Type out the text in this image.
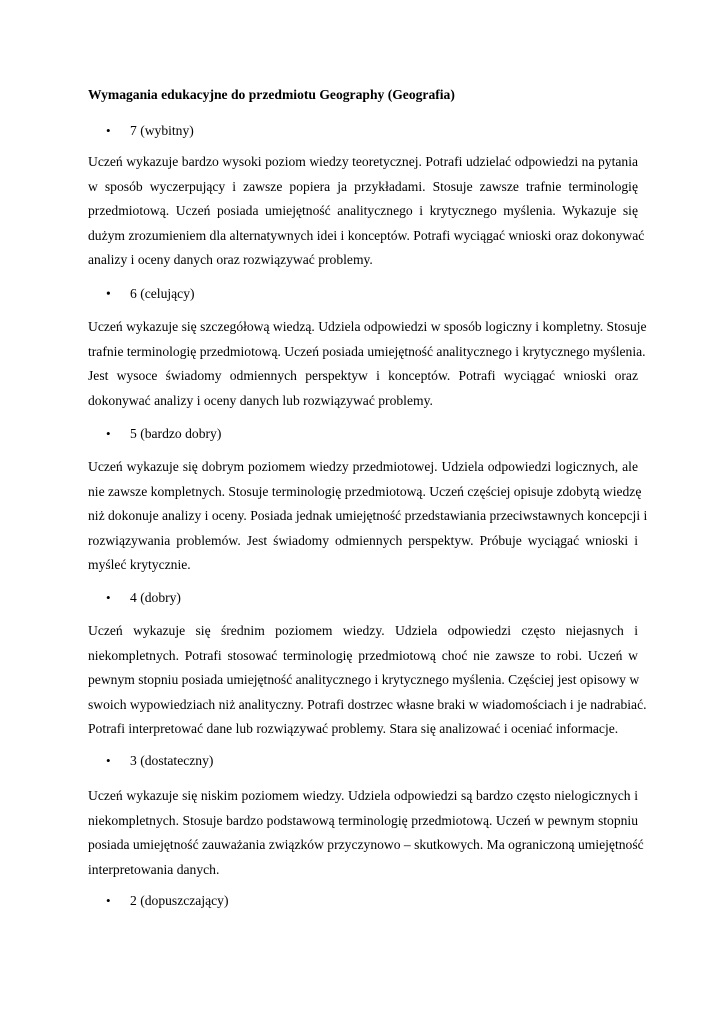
Wymagania edukacyjne do przedmiotu Geography (Geografia)
• 7 (wybitny)
Uczeń wykazuje bardzo wysoki poziom wiedzy teoretycznej. Potrafi udzielać odpowiedzi na pytania
w sposób wyczerpujący i zawsze popiera ja przykładami. Stosuje zawsze trafnie terminologię
przedmiotową. Uczeń posiada umiejętność analitycznego i krytycznego myślenia. Wykazuje się
dużym zrozumieniem dla alternatywnych idei i konceptów. Potrafi wyciągać wnioski oraz dokonywać
analizy i oceny danych oraz rozwiązywać problemy.
• 6 (celujący)
Uczeń wykazuje się szczegółową wiedzą. Udziela odpowiedzi w sposób logiczny i kompletny. Stosuje
trafnie terminologię przedmiotową. Uczeń posiada umiejętność analitycznego i krytycznego myślenia.
Jest wysoce świadomy odmiennych perspektyw i konceptów. Potrafi wyciągać wnioski oraz
dokonywać analizy i oceny danych lub rozwiązywać problemy.
• 5 (bardzo dobry)
Uczeń wykazuje się dobrym poziomem wiedzy przedmiotowej. Udziela odpowiedzi logicznych, ale
nie zawsze kompletnych. Stosuje terminologię przedmiotową. Uczeń częściej opisuje zdobytą wiedzę
niż dokonuje analizy i oceny. Posiada jednak umiejętność przedstawiania przeciwstawnych koncepcji i
rozwiązywania problemów. Jest świadomy odmiennych perspektyw. Próbuje wyciągać wnioski i
myśleć krytycznie.
• 4 (dobry)
Uczeń wykazuje się średnim poziomem wiedzy. Udziela odpowiedzi często niejasnych i
niekompletnych. Potrafi stosować terminologię przedmiotową choć nie zawsze to robi. Uczeń w
pewnym stopniu posiada umiejętność analitycznego i krytycznego myślenia. Częściej jest opisowy w
swoich wypowiedziach niż analityczny. Potrafi dostrzec własne braki w wiadomościach i je nadrabiać.
Potrafi interpretować dane lub rozwiązywać problemy. Stara się analizować i oceniać informacje.
• 3 (dostateczny)
Uczeń wykazuje się niskim poziomem wiedzy. Udziela odpowiedzi są bardzo często nielogicznych i
niekompletnych. Stosuje bardzo podstawową terminologię przedmiotową. Uczeń w pewnym stopniu
posiada umiejętność zauważania związków przyczynowo – skutkowych. Ma ograniczoną umiejętność
interpretowania danych.
• 2 (dopuszczający)
